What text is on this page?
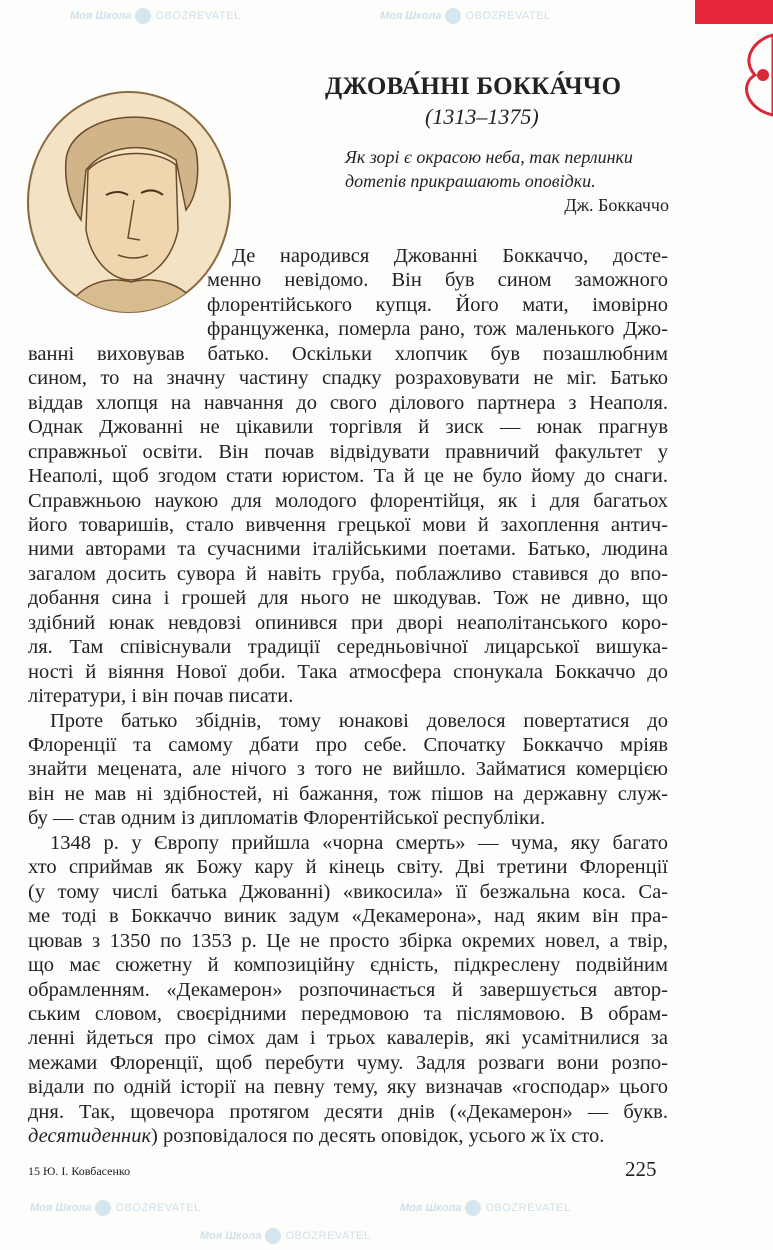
Моя Школа OBOZREVATEL	Моя Школа OBOZREVATEL
Моя Школа OBOZREVATEL	Моя Школа OBOZREVATEL
Моя Школа OBOZREVATEL
ДЖОВА́ННІ БОККА́ЧЧО
(1313–1375)
Як зорі є окрасою неба, так перлинки
дотепів прикрашають оповідки.
Дж. Боккаччо
Де народився Джованні Боккаччо, досте-
менно невідомо. Він був сином заможного
флорентійського купця. Його мати, імовірно
француженка, померла рано, тож маленького Джо-
ванні виховував батько. Оскільки хлопчик був позашлюбним
сином, то на значну частину спадку розраховувати не міг. Батько
віддав хлопця на навчання до свого ділового партнера з Неаполя.
Однак Джованні не цікавили торгівля й зиск — юнак прагнув
справжньої освіти. Він почав відвідувати правничий факультет у
Неаполі, щоб згодом стати юристом. Та й це не було йому до снаги.
Справжньою наукою для молодого флорентійця, як і для багатьох
його товаришів, стало вивчення грецької мови й захоплення антич-
ними авторами та сучасними італійськими поетами. Батько, людина
загалом досить сувора й навіть груба, поблажливо ставився до впо-
добання сина і грошей для нього не шкодував. Тож не дивно, що
здібний юнак невдовзі опинився при дворі неаполітанського коро-
ля. Там співіснували традиції середньовічної лицарської вишука-
ності й віяння Нової доби. Така атмосфера спонукала Боккаччо до
літератури, і він почав писати.
Проте батько збіднів, тому юнакові довелося повертатися до
Флоренції та самому дбати про себе. Спочатку Боккаччо мріяв
знайти мецената, але нічого з того не вийшло. Займатися комерцією
він не мав ні здібностей, ні бажання, тож пішов на державну служ-
бу — став одним із дипломатів Флорентійської республіки.
1348 р. у Європу прийшла «чорна смерть» — чума, яку багато
хто сприймав як Божу кару й кінець світу. Дві третини Флоренції
(у тому числі батька Джованні) «викосила» її безжальна коса. Са-
ме тоді в Боккаччо виник задум «Декамерона», над яким він пра-
цював з 1350 по 1353 р. Це не просто збірка окремих новел, а твір,
що має сюжетну й композиційну єдність, підкреслену подвійним
обрамленням. «Декамерон» розпочинається й завершується автор-
ським словом, своєрідними передмовою та післямовою. В обрам-
ленні йдеться про сімох дам і трьох кавалерів, які усамітнилися за
межами Флоренції, щоб перебути чуму. Задля розваги вони розпо-
відали по одній історії на певну тему, яку визначав «господар» цього
дня. Так, щовечора протягом десяти днів («Декамерон» — букв.
десятиденник) розповідалося по десять оповідок, усього ж їх сто.
15 Ю. І. Ковбасенко	225
